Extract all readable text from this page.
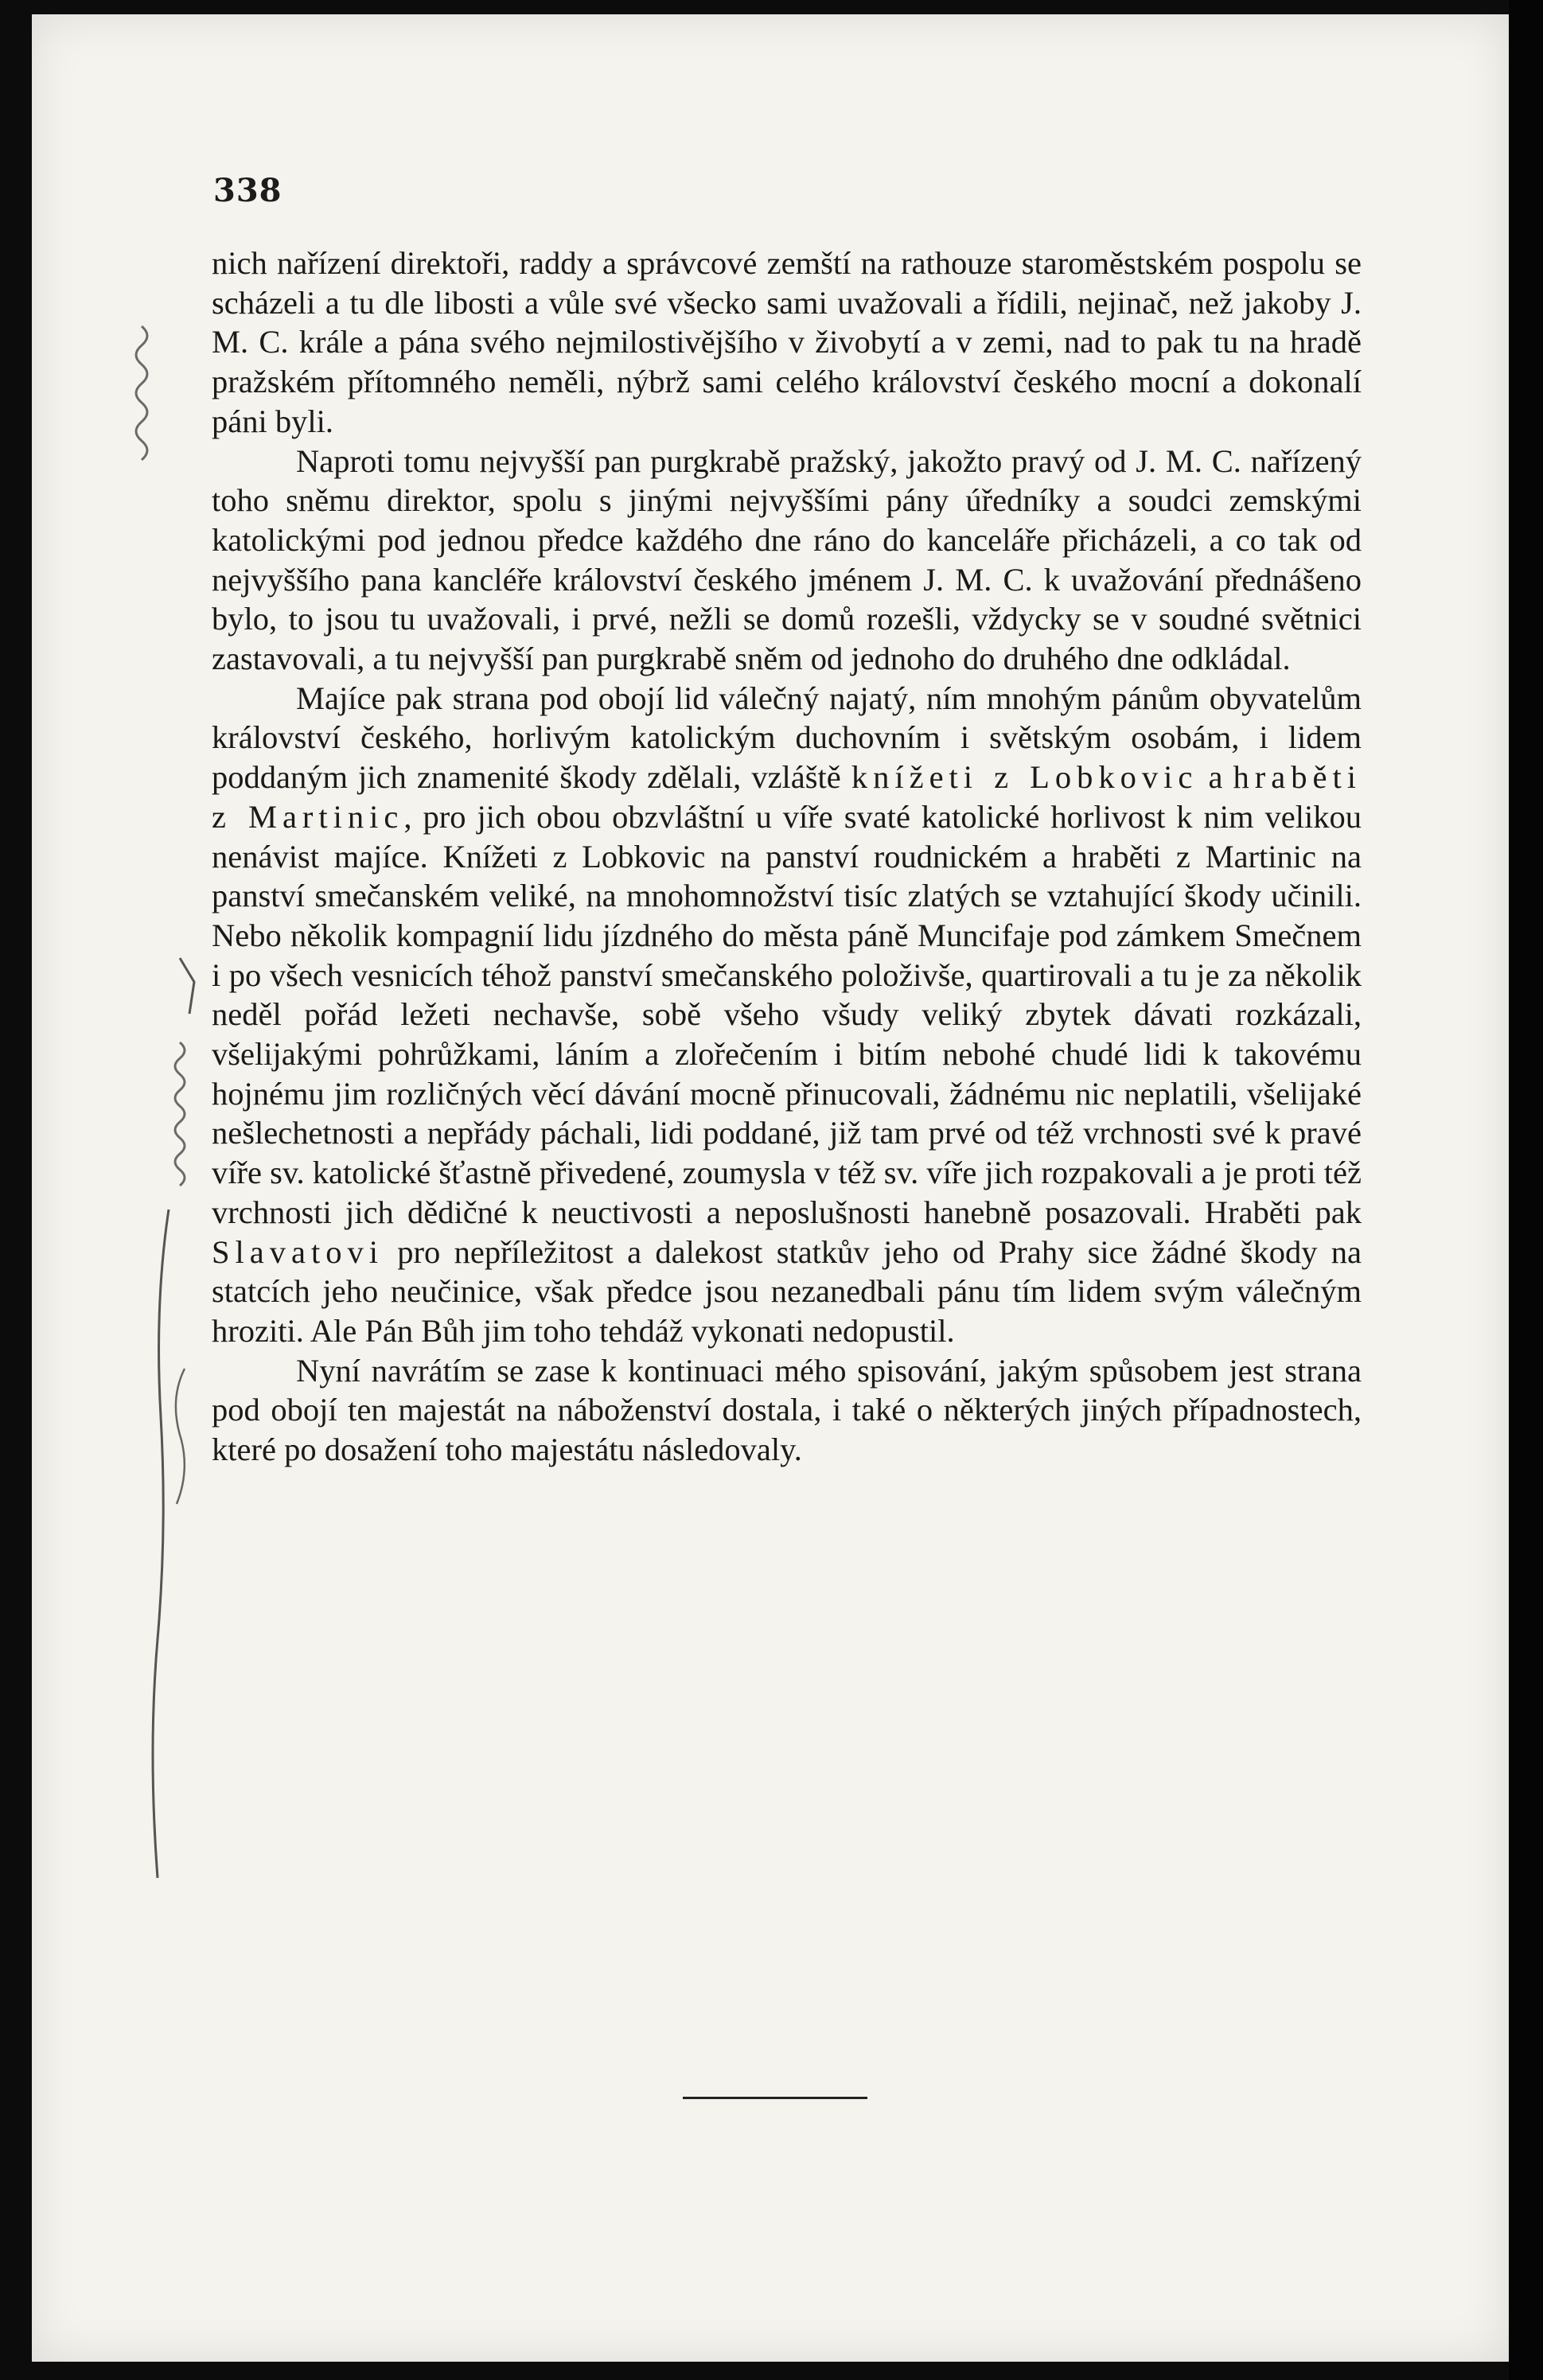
338

nich nařízení direktoři, raddy a správcové zemští na rathouze staroměstském pospolu se scházeli a tu dle libosti a vůle své všecko sami uvažovali a řídili, nejinač, než jakoby J. M. C. krále a pána svého nejmilostivějšího v živobytí a v zemi, nad to pak tu na hradě pražském přítomného neměli, nýbrž sami celého království českého mocní a dokonalí páni byli.

Naproti tomu nejvyšší pan purgkrabě pražský, jakožto pravý od J. M. C. nařízený toho sněmu direktor, spolu s jinými nejvyššími pány úředníky a soudci zemskými katolickými pod jednou předce každého dne ráno do kanceláře přicházeli, a co tak od nejvyššího pana kancléře království českého jménem J. M. C. k uvažování přednášeno bylo, to jsou tu uvažovali, i prvé, nežli se domů rozešli, vždycky se v soudné světnici zastavovali, a tu nejvyšší pan purgkrabě sněm od jednoho do druhého dne odkládal.

Majíce pak strana pod obojí lid válečný najatý, ním mnohým pánům obyvatelům království českého, horlivým katolickým duchovním i světským osobám, i lidem poddaným jich znamenité škody zdělali, vzláště knížeti z Lobkovic a hraběti z Martinic, pro jich obou obzvláštní u víře svaté katolické horlivost k nim velikou nenávist majíce. Knížeti z Lobkovic na panství roudnickém a hraběti z Martinic na panství smečanském veliké, na mnohomnožství tisíc zlatých se vztahující škody učinili. Nebo několik kompagnií lidu jízdného do města páně Muncifaje pod zámkem Smečnem i po všech vesnicích téhož panství smečanského položivše, quartirovali a tu je za několik neděl pořád ležeti nechavše, sobě všeho všudy veliký zbytek dávati rozkázali, všelijakými pohrůžkami, láním a zlořečením i bitím nebohé chudé lidi k takovému hojnému jim rozličných věcí dávání mocně přinucovali, žádnému nic neplatili, všelijaké nešlechetnosti a nepřády páchali, lidi poddané, již tam prvé od též vrchnosti své k pravé víře sv. katolické šťastně přivedené, zoumysla v též sv. víře jich rozpakovali a je proti též vrchnosti jich dědičné k neuctivosti a neposlušnosti hanebně posazovali. Hraběti pak Slavatovi pro nepříležitost a dalekost statkův jeho od Prahy sice žádné škody na statcích jeho neučinice, však předce jsou nezanedbali pánu tím lidem svým válečným hroziti. Ale Pán Bůh jim toho tehdáž vykonati nedopustil.

Nyní navrátím se zase k kontinuaci mého spisování, jakým spůsobem jest strana pod obojí ten majestát na náboženství dostala, i také o některých jiných případnostech, které po dosažení toho majestátu následovaly.
